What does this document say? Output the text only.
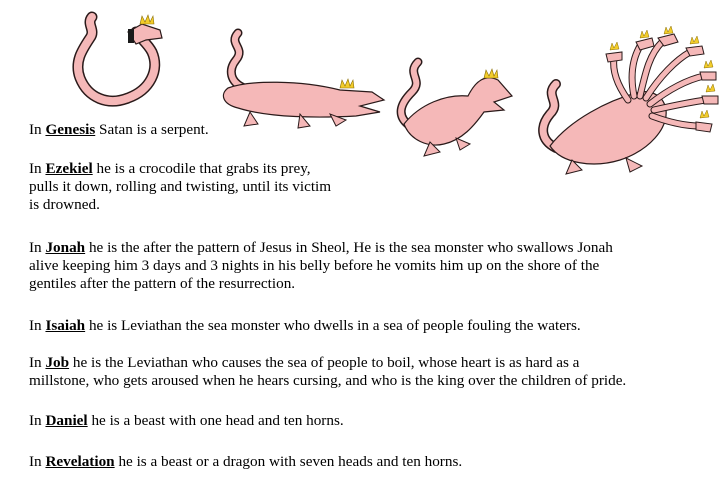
In Genesis Satan is a serpent.

In Ezekiel he is a crocodile that grabs its prey,
pulls it down, rolling and twisting, until its victim
is drowned.

In Jonah he is the after the pattern of Jesus in Sheol, He is the sea monster who swallows Jonah
alive keeping him 3 days and 3 nights in his belly before he vomits him up on the shore of the
gentiles after the pattern of the resurrection.

In Isaiah he is Leviathan the sea monster who dwells in a sea of people fouling the waters.

In Job he is the Leviathan who causes the sea of people to boil, whose heart is as hard as a
millstone, who gets aroused when he hears cursing, and who is the king over the children of pride.

In Daniel he is a beast with one head and ten horns.

In Revelation he is a beast or a dragon with seven heads and ten horns.
